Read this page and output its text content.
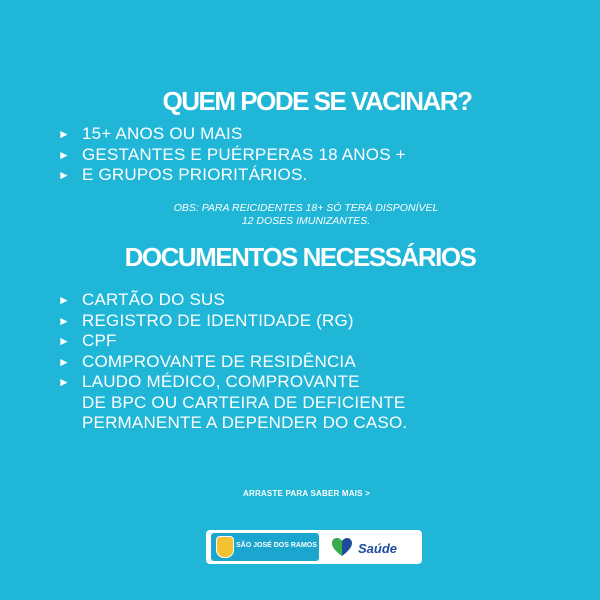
QUEM PODE SE VACINAR?
► 15+ ANOS OU MAIS
► GESTANTES E PUÉRPERAS 18 ANOS +
► E GRUPOS PRIORITÁRIOS.
OBS: PARA REICIDENTES 18+ SÓ TERÁ DISPONÍVEL
12 DOSES IMUNIZANTES.
DOCUMENTOS NECESSÁRIOS
► CARTÃO DO SUS
► REGISTRO DE IDENTIDADE (RG)
► CPF
► COMPROVANTE DE RESIDÊNCIA
► LAUDO MÉDICO, COMPROVANTE
DE BPC OU CARTEIRA DE DEFICIENTE
PERMANENTE A DEPENDER DO CASO.
ARRASTE PARA SABER MAIS >
SÃO JOSÉ DOS RAMOS	Saúde
